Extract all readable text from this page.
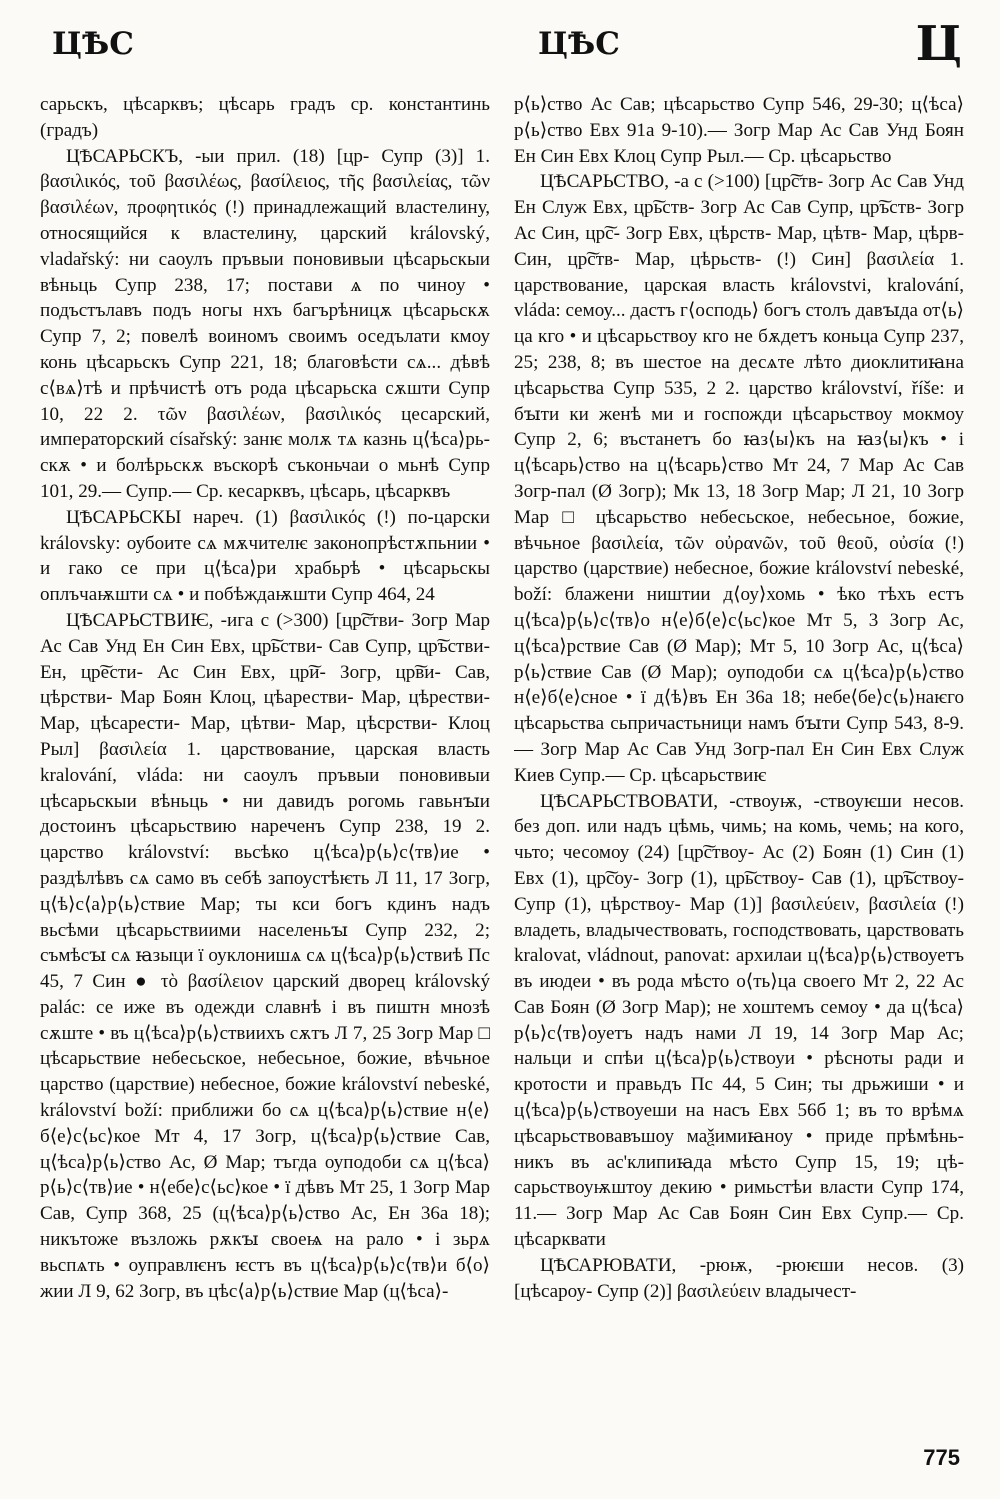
ЦѢС	ЦѢС	Ц

сарьскъ, цѣсарквъ; цѣсарь градъ ср. константинь (градъ)

ЦѢСАРЬСКЪ, -ыи прил. (18) [цр- Супр (3)] 1. βασιλικός, τοῦ βασιλέως, βασίλειος, τῆς βασιλείας, τῶν βασιλέων, προφητικός (!) принадлежащий властелину, относящийся к властелину, царский královský, vladařský: ни саоулъ пръвыи поновивыи цѣсарьскыи вѣньць Супр 238, 17; постави ѧ по чиноу • подъстълавъ подъ ногы нхъ багърѣницѫ цѣсарьскѫ Супр 7, 2; повелѣ воиномъ своимъ оседълати кмоу конь цѣсарьскъ Супр 221, 18; благовѣсти сѧ... дѣвѣ с⟨вѧ⟩тѣ и прѣчистѣ отъ рода цѣсарьска сѫшти Супр 10, 22 2. τῶν βασιλέων, βασιλικός цесарский, императорский císařský: занѥ молѫ тѧ казнь ц⟨ѣса⟩рьскѫ • и болѣрьскѫ въскорѣ съконьчаи о мьнѣ Супр 101, 29.— Супр.— Ср. кесарквъ, цѣсарь, цѣсарквъ

ЦѢСАРЬСКЫ нареч. (1) βασιλικός (!) по-царски královsky: оубоите сѧ мѫчителѥ законопрѣстѫпьнии • и гако се при ц⟨ѣса⟩ри храбьрѣ • цѣсарьскы оплъчаѭшти сѧ • и побѣждаѭшти Супр 464, 24

ЦѢСАРЬСТВИѤ, -ига с (>300) [цр͠стви- Зогр Мар Ас Сав Унд Ен Син Евх, цр͠ьстви- Сав Супр, цр͠ъстви- Ен, цр͠ести- Ас Син Евх, цр͠и- Зогр, цр͠ви- Сав, цѣрстви- Мар Боян Клоц, цѣарестви- Мар, цѣрестви- Мар, цѣсарести- Мар, цѣтви- Мар, цѣсрстви- Клоц Рыл] βασιλεία 1. царствование, царская власть kralování, vláda: ни саоулъ пръвыи поновивыи цѣсарьскыи вѣньць • ни давидъ рогомь гавьнꙑи достоинъ цѣсарьствию нареченъ Супр 238, 19 2. царство království: вьсѣко ц⟨ѣса⟩р⟨ь⟩с⟨тв⟩ие • раздѣлѣвъ сѧ само въ себѣ запоустѣѥть Л 11, 17 Зогр, ц⟨ѣ⟩с⟨а⟩р⟨ь⟩ствие Мар; ты кси богъ кдинъ надъ вьсѣми цѣсарьствиими населеньꙑ Супр 232, 2; съмѣсꙑ сѧ ꙗзыци ї оуклонишѧ сѧ ц⟨ѣса⟩р⟨ь⟩ствиѣ Пс 45, 7 Син ● τὸ βασίλειον царский дворец královský palác: се иже въ одежди славнѣ і въ пиштн мнозѣ сѫште • въ ц⟨ѣса⟩р⟨ь⟩ствиихъ сѫтъ Л 7, 25 Зогр Мар □ цѣсарьствие небесьское, небесьное, божие, вѣчьное царство (царствие) небесное, божие království nebeské, království boží: приближи бо сѧ ц⟨ѣса⟩р⟨ь⟩ствие н⟨е⟩б⟨е⟩с⟨ьс⟩кое Мт 4, 17 Зогр, ц⟨ѣса⟩р⟨ь⟩ствие Сав, ц⟨ѣса⟩р⟨ь⟩ство Ас, Ø Мар; тъгда оуподоби сѧ ц⟨ѣса⟩р⟨ь⟩с⟨тв⟩ие • н⟨ебе⟩с⟨ьс⟩кое • ї дѣвъ Мт 25, 1 Зогр Мар Сав, Супр 368, 25 (ц⟨ѣса⟩р⟨ь⟩ство Ас, Ен 36а 18); никътоже възложь рѫкꙑ своеѩ на рало • і зьрѧ вьспѧть • оуправлѥнъ ѥстъ въ ц⟨ѣса⟩р⟨ь⟩с⟨тв⟩и б⟨о⟩жии Л 9, 62 Зогр, въ цѣс⟨а⟩р⟨ь⟩ствие Мар (ц⟨ѣса⟩-

р⟨ь⟩ство Ас Сав; цѣсарьство Супр 546, 29-30; ц⟨ѣса⟩р⟨ь⟩ство Евх 91а 9-10).— Зогр Мар Ас Сав Унд Боян Ен Син Евх Клоц Супр Рыл.— Ср. цѣсарьство

ЦѢСАРЬСТВО, -а с (>100) [цр͠ств- Зогр Ас Сав Унд Ен Служ Евх, цр͠ьств- Зогр Ас Сав Супр, цр͠ъств- Зогр Ас Син, цр͠с- Зогр Евх, цѣрств- Мар, цѣтв- Мар, цѣрв- Син, цр͠ств- Мар, цѣрьств- (!) Син] βασιλεία 1. царствование, царская власть královstvі, kralování, vláda: семоу... дастъ г⟨осподь⟩ богъ столъ давꙑда от⟨ь⟩ца кго • и цѣсарьствоу кго не бѫдетъ коньца Супр 237, 25; 238, 8; въ шестое на десѧте лѣто диоклитиꙗна цѣсарьства Супр 535, 2 2. царство království, říše: и бꙑти ки женѣ ми и госпожди цѣсарьствоу мокмоу Супр 2, 6; въстанетъ бо ꙗз⟨ы⟩къ на ꙗз⟨ы⟩къ • і ц⟨ѣсарь⟩ство на ц⟨ѣсарь⟩ство Мт 24, 7 Мар Ас Сав Зогр-пал (Ø Зогр); Мк 13, 18 Зогр Мар; Л 21, 10 Зогр Мар □ цѣсарьство небесьское, небесьное, божие, вѣчьное βασιλεία, τῶν οὐρανῶν, τοῦ θεοῦ, οὐσία (!) царство (царствие) небесное, божие království nebeské, boží: блажени ништии д⟨оу⟩хомь • ѣко тѣхъ естъ ц⟨ѣса⟩р⟨ь⟩с⟨тв⟩о н⟨е⟩б⟨е⟩с⟨ьс⟩кое Мт 5, 3 Зогр Ас, ц⟨ѣса⟩рствие Сав (Ø Мар); Мт 5, 10 Зогр Ас, ц⟨ѣса⟩р⟨ь⟩ствие Сав (Ø Мар); оуподоби сѧ ц⟨ѣса⟩р⟨ь⟩ство н⟨е⟩б⟨е⟩сное • ї д⟨ѣ⟩въ Ен 36а 18; небе⟨бе⟩с⟨ь⟩наѥго цѣсарьства сьпричастьници намъ бꙑти Супр 543, 8-9.— Зогр Мар Ас Сав Унд Зогр-пал Ен Син Евх Служ Киев Супр.— Ср. цѣсарьствиѥ

ЦѢСАРЬСТВОВАТИ, -ствоуѭ, -ствоуѥши несов. без доп. или надъ цѣмь, чимь; на комь, чемь; на кого, чьто; чесомоу (24) [цр͠ствоу- Ас (2) Боян (1) Син (1) Евх (1), цр͠соу- Зогр (1), цр͠ьствоу- Сав (1), цр͠ъствоу- Супр (1), цѣрствоу- Мар (1)] βασιλεύειν, βασιλεία (!) владеть, владычествовать, господствовать, царствовать kralovat, vládnout, panovat: архилаи ц⟨ѣса⟩р⟨ь⟩ствоуетъ въ июдеи • въ рода мѣсто о⟨ть⟩ца своего Мт 2, 22 Ас Сав Боян (Ø Зогр Мар); не хоштемъ семоу • да ц⟨ѣса⟩р⟨ь⟩с⟨тв⟩оуетъ надъ нами Л 19, 14 Зогр Мар Ас; нальци и спѣи ц⟨ѣса⟩р⟨ь⟩ствоуи • рѣсноты ради и кротости и правьдъ Пс 44, 5 Син; ты дрьжиши • и ц⟨ѣса⟩р⟨ь⟩ствоуеши на насъ Евх 56б 1; въ то врѣмѧ цѣсарьствовавъшоу маѯимиꙗноу • приде прѣмѣньникъ въ ас'клипиꙗда мѣсто Супр 15, 19; цѣсарьствоуѭштоу декию • римьстѣи власти Супр 174, 11.— Зогр Мар Ас Сав Боян Син Евх Супр.— Ср. цѣсарквати

ЦѢСАРЮВАТИ, -рюѭ, -рюѥши несов. (3) [цѣсароу- Супр (2)] βασιλεύειν владычест-

775
